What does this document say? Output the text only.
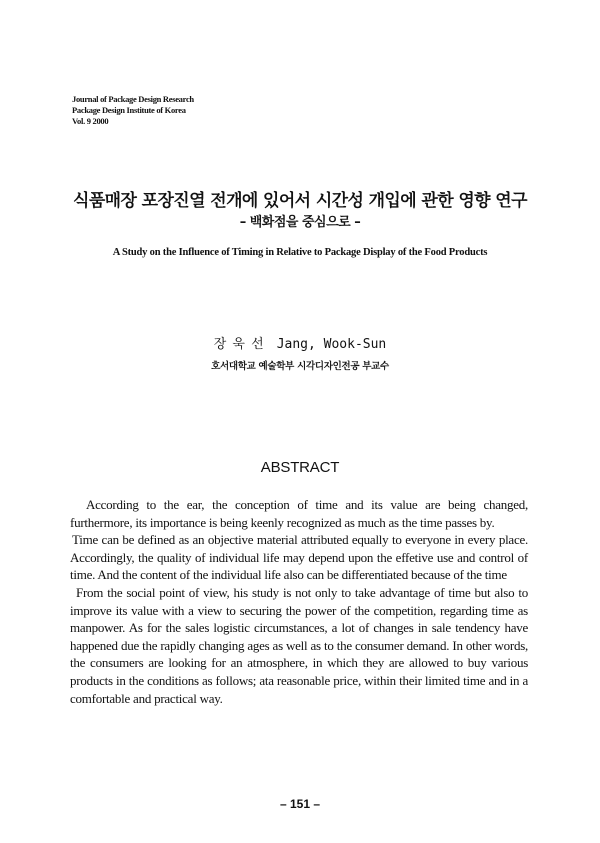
Journal of Package Design Research
Package Design Institute of Korea
Vol. 9 2000
식품매장 포장진열 전개에 있어서 시간성 개입에 관한 영향 연구
– 백화점을 중심으로 –
A Study on the Influence of Timing in Relative to Package Display of the Food Products
장 욱 선 Jang, Wook-Sun
호서대학교 예술학부 시각디자인전공 부교수
ABSTRACT

According to the ear, the conception of time and its value are being changed, furthermore, its importance is being keenly recognized as much as the time passes by.

Time can be defined as an objective material attributed equally to everyone in every place. Accordingly, the quality of individual life may depend upon the effetive use and control of time. And the content of the individual life also can be differentiated because of the time

From the social point of view, his study is not only to take advantage of time but also to improve its value with a view to securing the power of the competition, regarding time as manpower. As for the sales logistic circumstances, a lot of changes in sale tendency have happened due the rapidly changing ages as well as to the consumer demand. In other words, the consumers are looking for an atmosphere, in which they are allowed to buy various products in the conditions as follows; ata reasonable price, within their limited time and in a comfortable and practical way.

– 151 –
